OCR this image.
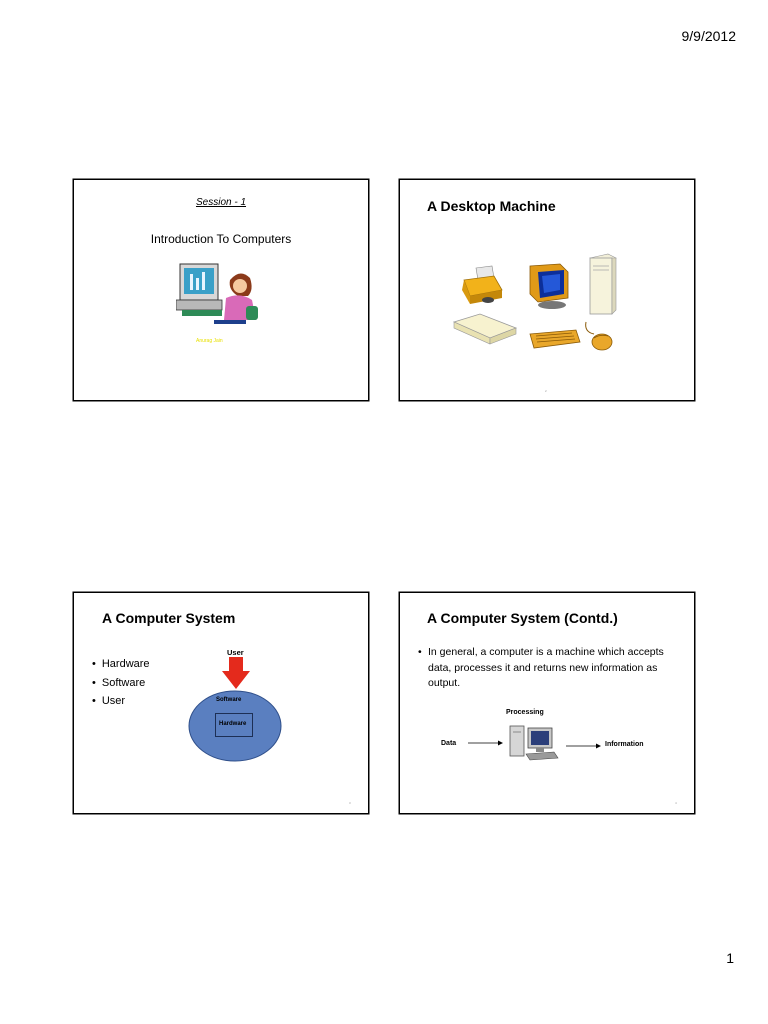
9/9/2012
Session - 1
Introduction To Computers
Anurag Jain
A Desktop Machine
2
A Computer System
• Hardware
• Software
• User
User
Software
Hardware
3
A Computer System (Contd.)
• In general, a computer is a machine which accepts data, processes it and returns new information as output.
Processing
Data	Information
4
1
